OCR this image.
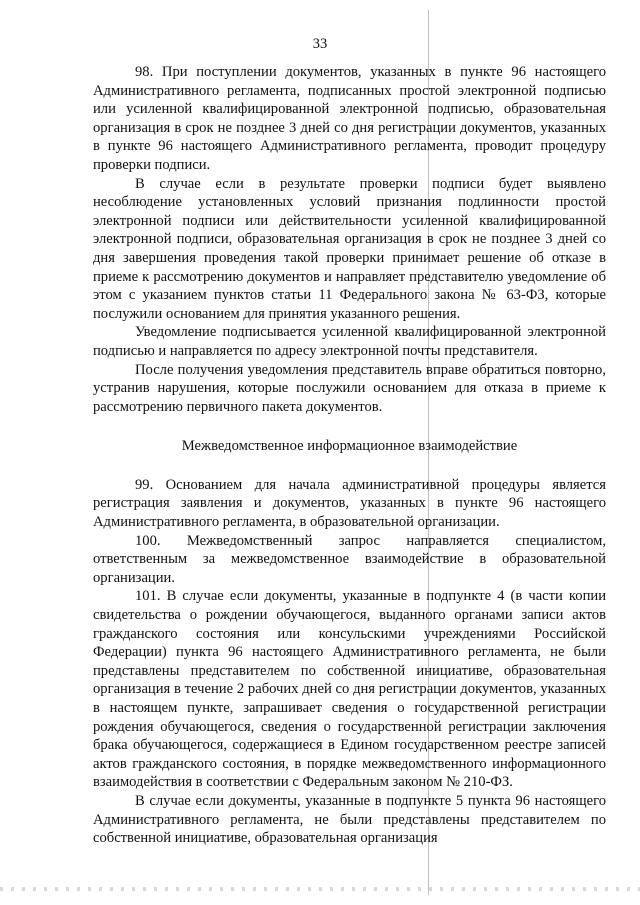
33

98. При поступлении документов, указанных в пункте 96 настоящего Административного регламента, подписанных простой электронной подписью или усиленной квалифицированной электронной подписью, образовательная организация в срок не позднее 3 дней со дня регистрации документов, указанных в пункте 96 настоящего Административного регламента, проводит процедуру проверки подписи.

В случае если в результате проверки подписи будет выявлено несоблюдение установленных условий признания подлинности простой электронной подписи или действительности усиленной квалифицированной электронной подписи, образовательная организация в срок не позднее 3 дней со дня завершения проведения такой проверки принимает решение об отказе в приеме к рассмотрению документов и направляет представителю уведомление об этом с указанием пунктов статьи 11 Федерального закона № 63-ФЗ, которые послужили основанием для принятия указанного решения.

Уведомление подписывается усиленной квалифицированной электронной подписью и направляется по адресу электронной почты представителя.

После получения уведомления представитель вправе обратиться повторно, устранив нарушения, которые послужили основанием для отказа в приеме к рассмотрению первичного пакета документов.

Межведомственное информационное взаимодействие

99. Основанием для начала административной процедуры является регистрация заявления и документов, указанных в пункте 96 настоящего Административного регламента, в образовательной организации.

100. Межведомственный запрос направляется специалистом, ответственным за межведомственное взаимодействие в образовательной организации.

101. В случае если документы, указанные в подпункте 4 (в части копии свидетельства о рождении обучающегося, выданного органами записи актов гражданского состояния или консульскими учреждениями Российской Федерации) пункта 96 настоящего Административного регламента, не были представлены представителем по собственной инициативе, образовательная организация в течение 2 рабочих дней со дня регистрации документов, указанных в настоящем пункте, запрашивает сведения о государственной регистрации рождения обучающегося, сведения о государственной регистрации заключения брака обучающегося, содержащиеся в Едином государственном реестре записей актов гражданского состояния, в порядке межведомственного информационного взаимодействия в соответствии с Федеральным законом № 210-ФЗ.

В случае если документы, указанные в подпункте 5 пункта 96 настоящего Административного регламента, не были представлены представителем по собственной инициативе, образовательная организация
